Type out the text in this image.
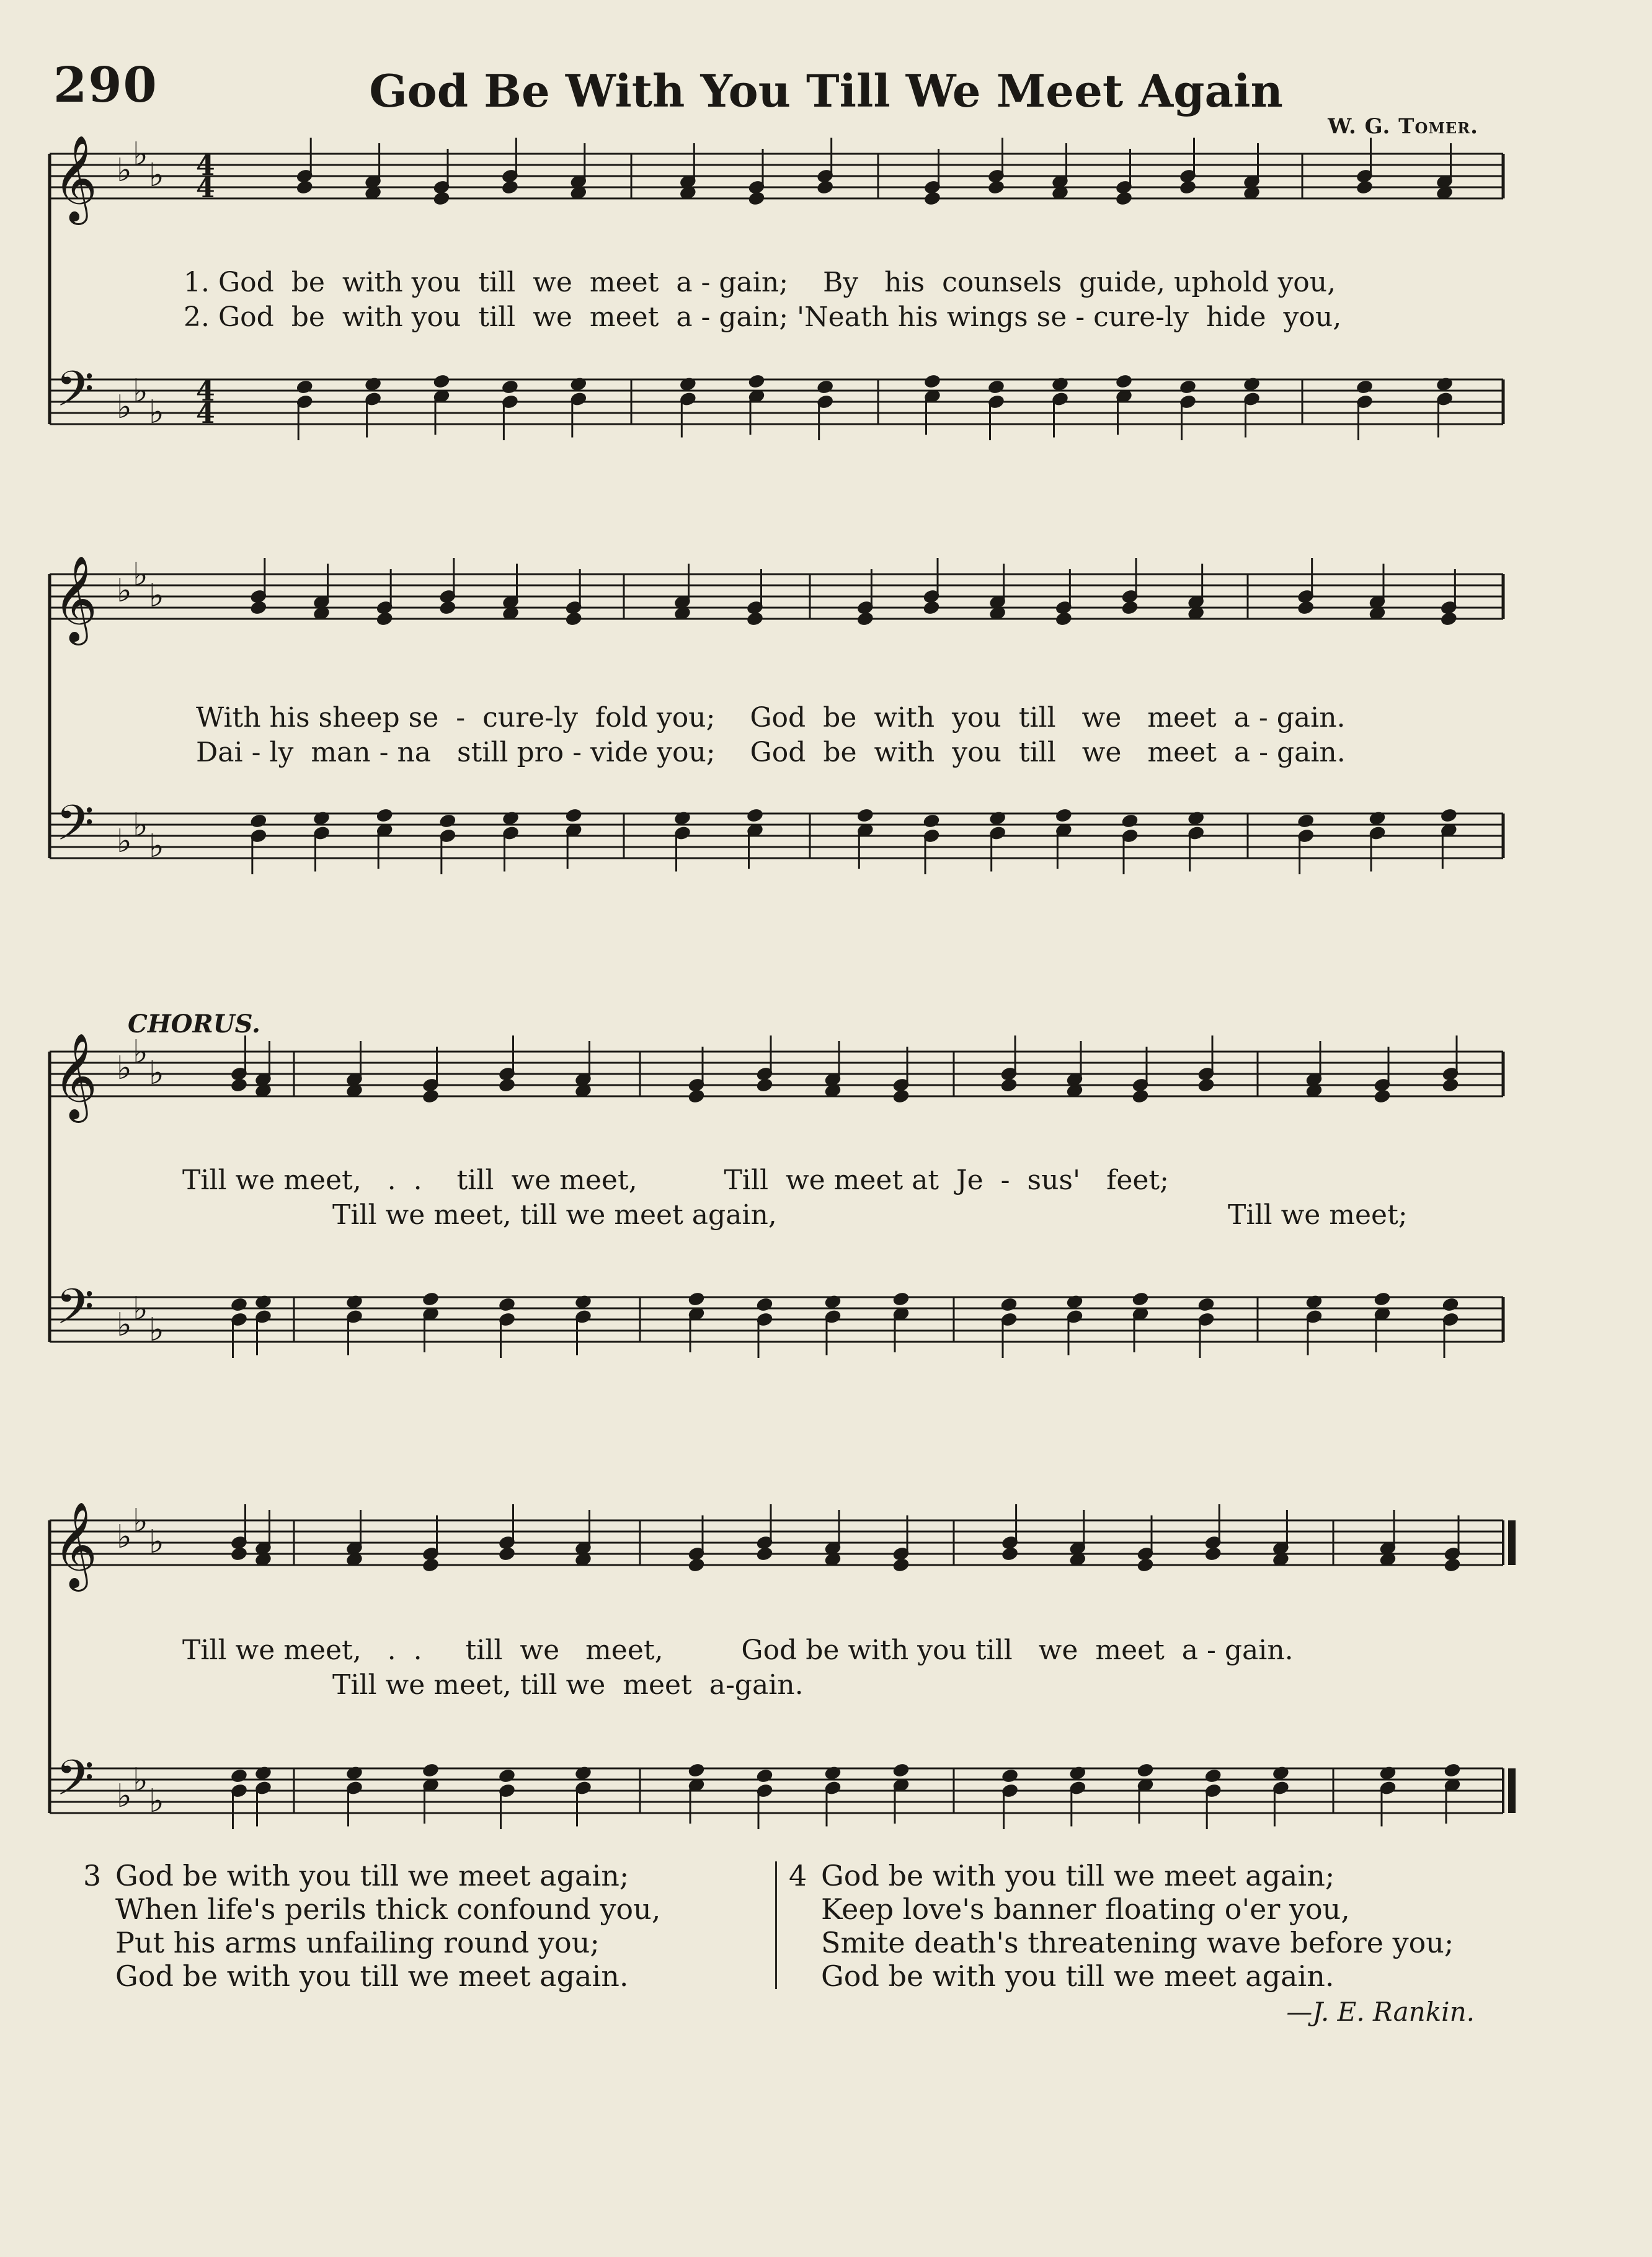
290	God Be With You Till We Meet Again
W. G. Tomer.
𝄞
𝄢
♭ ♭
♭
♭ ♭
♭
4
4
4
4
1. God  be  with you  till  we  meet  a - gain;    By   his  counsels  guide, uphold you,
2. God  be  with you  till  we  meet  a - gain; 'Neath his wings se - cure-ly  hide  you,
𝄞
𝄢
♭ ♭
♭
♭ ♭
♭
With his sheep se  -  cure-ly  fold you;    God  be  with  you  till   we   meet  a - gain.
Dai - ly  man - na   still pro - vide you;    God  be  with  you  till   we   meet  a - gain.
CHORUS.
𝄞
𝄢
♭ ♭
♭
♭ ♭
♭
Till we meet,   .  .    till  we meet,          Till  we meet at  Je  -  sus'   feet;
Till we meet, till we meet again,                                                    Till we meet;
𝄞
𝄢
♭ ♭
♭
♭ ♭
♭
Till we meet,   .  .     till  we   meet,         God be with you till   we  meet  a - gain.
Till we meet, till we  meet  a-gain.
3 God be with you till we meet again;

When life's perils thick confound you,

Put his arms unfailing round you;

God be with you till we meet again.

4 God be with you till we meet again;

Keep love's banner floating o'er you,

Smite death's threatening wave before you;

God be with you till we meet again.

—J. E. Rankin.
